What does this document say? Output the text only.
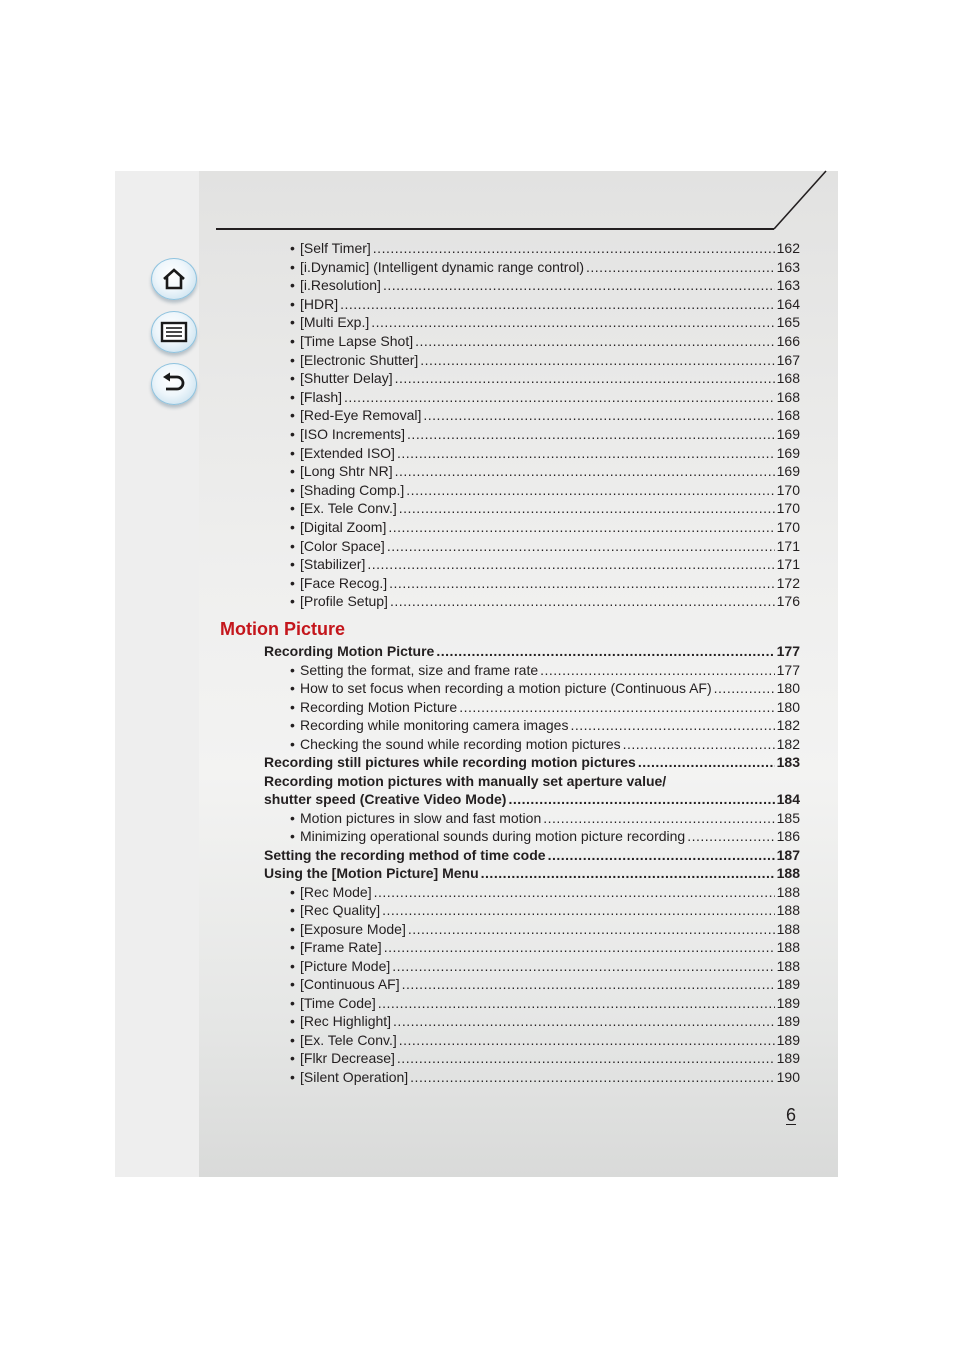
• [Self Timer] .....	162
• [i.Dynamic] (Intelligent dynamic range control) .....	163
• [i.Resolution] .....	163
• [HDR] .....	164
• [Multi Exp.] .....	165
• [Time Lapse Shot] .....	166
• [Electronic Shutter] .....	167
• [Shutter Delay] .....	168
• [Flash] .....	168
• [Red-Eye Removal] .....	168
• [ISO Increments] .....	169
• [Extended ISO] .....	169
• [Long Shtr NR] .....	169
• [Shading Comp.] .....	170
• [Ex. Tele Conv.] .....	170
• [Digital Zoom] .....	170
• [Color Space] .....	171
• [Stabilizer] .....	171
• [Face Recog.] .....	172
• [Profile Setup] .....	176
Recording Motion Picture .....	177
• Setting the format, size and frame rate .....	177
• How to set focus when recording a motion picture (Continuous AF) .....	180
• Recording Motion Picture .....	180
• Recording while monitoring camera images .....	182
• Checking the sound while recording motion pictures .....	182
Recording still pictures while recording motion pictures .....	183
Recording motion pictures with manually set aperture value/
shutter speed (Creative Video Mode) .....	184
• Motion pictures in slow and fast motion .....	185
• Minimizing operational sounds during motion picture recording .....	186
Setting the recording method of time code .....	187
Using the [Motion Picture] Menu .....	188
• [Rec Mode] .....	188
• [Rec Quality] .....	188
• [Exposure Mode] .....	188
• [Frame Rate] .....	188
• [Picture Mode] .....	188
• [Continuous AF] .....	189
• [Time Code] .....	189
• [Rec Highlight] .....	189
• [Ex. Tele Conv.] .....	189
• [Flkr Decrease] .....	189
• [Silent Operation] .....	190
Motion Picture
6
